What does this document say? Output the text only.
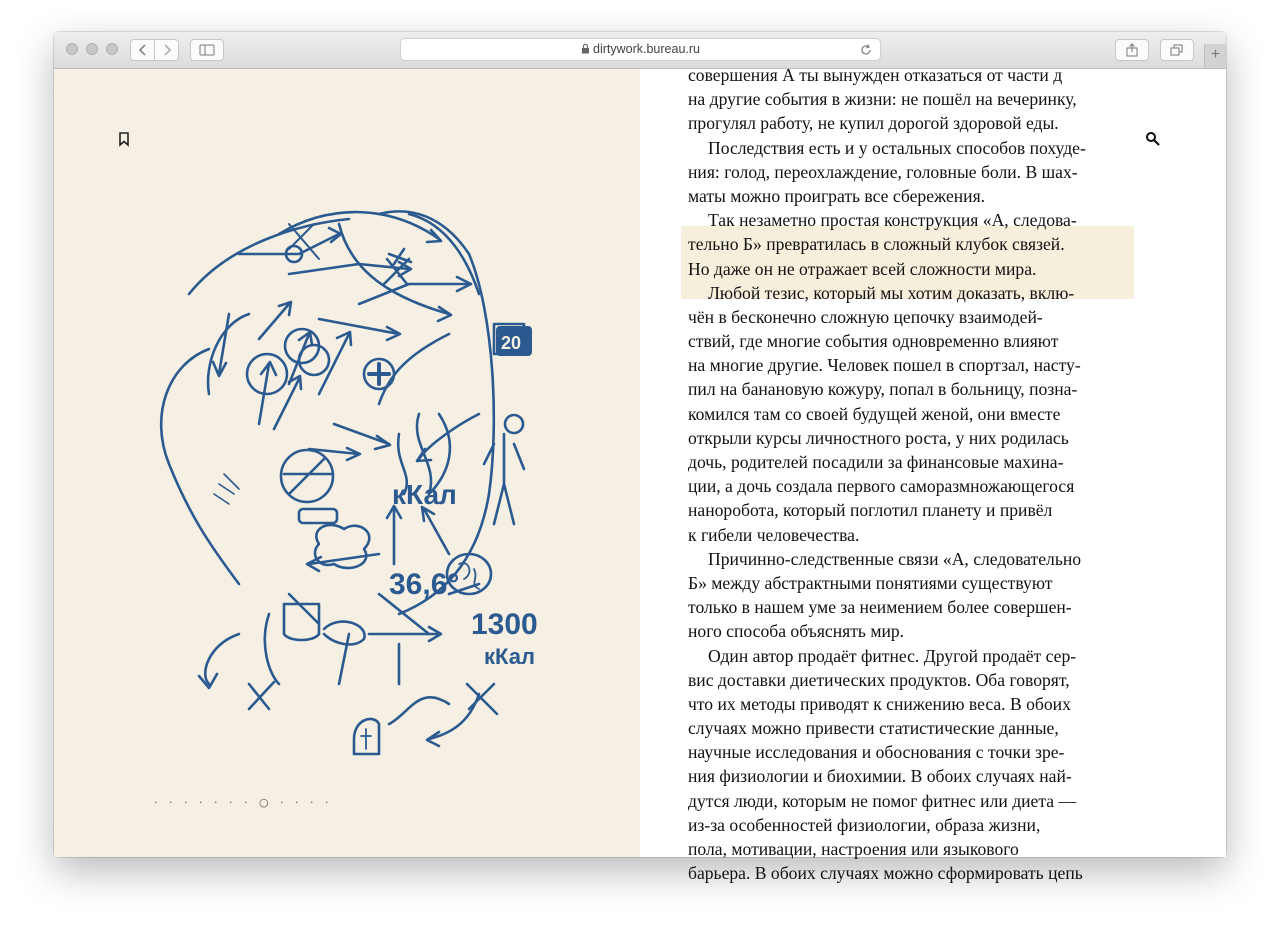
dirtywork.bureau.ru	+
кКал
36,6°
1300
кКал
20
· · · · · · · ○ · · · ·
совершения А ты вынужден отказаться от части д
на другие события в жизни: не пошёл на вечеринку,
прогулял работу, не купил дорогой здоровой еды.
Последствия есть и у остальных способов похуде-
ния: голод, переохлаждение, головные боли. В шах-
маты можно проиграть все сбережения.
Так незаметно простая конструкция «А, следова-
тельно Б» превратилась в сложный клубок связей.
Но даже он не отражает всей сложности мира.
Любой тезис, который мы хотим доказать, вклю-
чён в бесконечно сложную цепочку взаимодей-
ствий, где многие события одновременно влияют
на многие другие. Человек пошел в спортзал, насту-
пил на банановую кожуру, попал в больницу, позна-
комился там со своей будущей женой, они вместе
открыли курсы личностного роста, у них родилась
дочь, родителей посадили за финансовые махина-
ции, а дочь создала первого саморазмножающегося
наноробота, который поглотил планету и привёл
к гибели человечества.
Причинно-следственные связи «А, следовательно
Б» между абстрактными понятиями существуют
только в нашем уме за неимением более совершен-
ного способа объяснять мир.
Один автор продаёт фитнес. Другой продаёт сер-
вис доставки диетических продуктов. Оба говорят,
что их методы приводят к снижению веса. В обоих
случаях можно привести статистические данные,
научные исследования и обоснования с точки зре-
ния физиологии и биохимии. В обоих случаях най-
дутся люди, которым не помог фитнес или диета —
из-за особенностей физиологии, образа жизни,
пола, мотивации, настроения или языкового
барьера. В обоих случаях можно сформировать цепь
